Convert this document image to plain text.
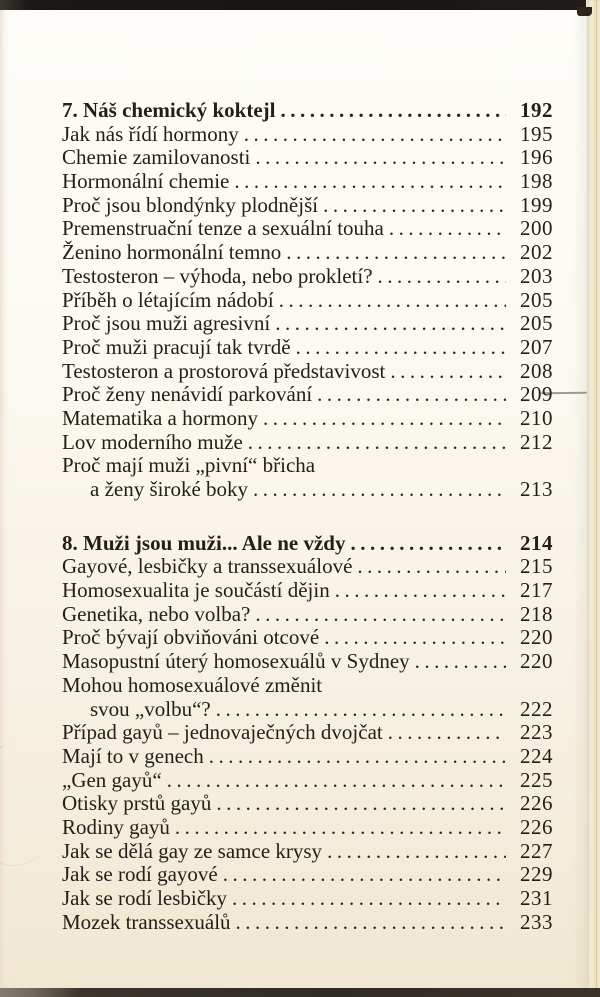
7. Náš chemický koktejl .....	192
Jak nás řídí hormony .....	195
Chemie zamilovanosti .....	196
Hormonální chemie .....	198
Proč jsou blondýnky plodnější .....	199
Premenstruační tenze a sexuální touha .....	200
Ženino hormonální temno .....	202
Testosteron – výhoda, nebo prokletí? .....	203
Příběh o létajícím nádobí .....	205
Proč jsou muži agresivní .....	205
Proč muži pracují tak tvrdě .....	207
Testosteron a prostorová představivost .....	208
Proč ženy nenávidí parkování .....	209
Matematika a hormony .....	210
Lov moderního muže .....	212
Proč mají muži „pivní“ břicha
a ženy široké boky .....	213
8. Muži jsou muži... Ale ne vždy .....	214
Gayové, lesbičky a transsexuálové .....	215
Homosexualita je součástí dějin .....	217
Genetika, nebo volba? .....	218
Proč bývají obviňováni otcové .....	220
Masopustní úterý homosexuálů v Sydney .....	220
Mohou homosexuálové změnit
svou „volbu“? .....	222
Případ gayů – jednovaječných dvojčat .....	223
Mají to v genech .....	224
„Gen gayů“ .....	225
Otisky prstů gayů .....	226
Rodiny gayů .....	226
Jak se dělá gay ze samce krysy .....	227
Jak se rodí gayové .....	229
Jak se rodí lesbičky .....	231
Mozek transsexuálů .....	233
